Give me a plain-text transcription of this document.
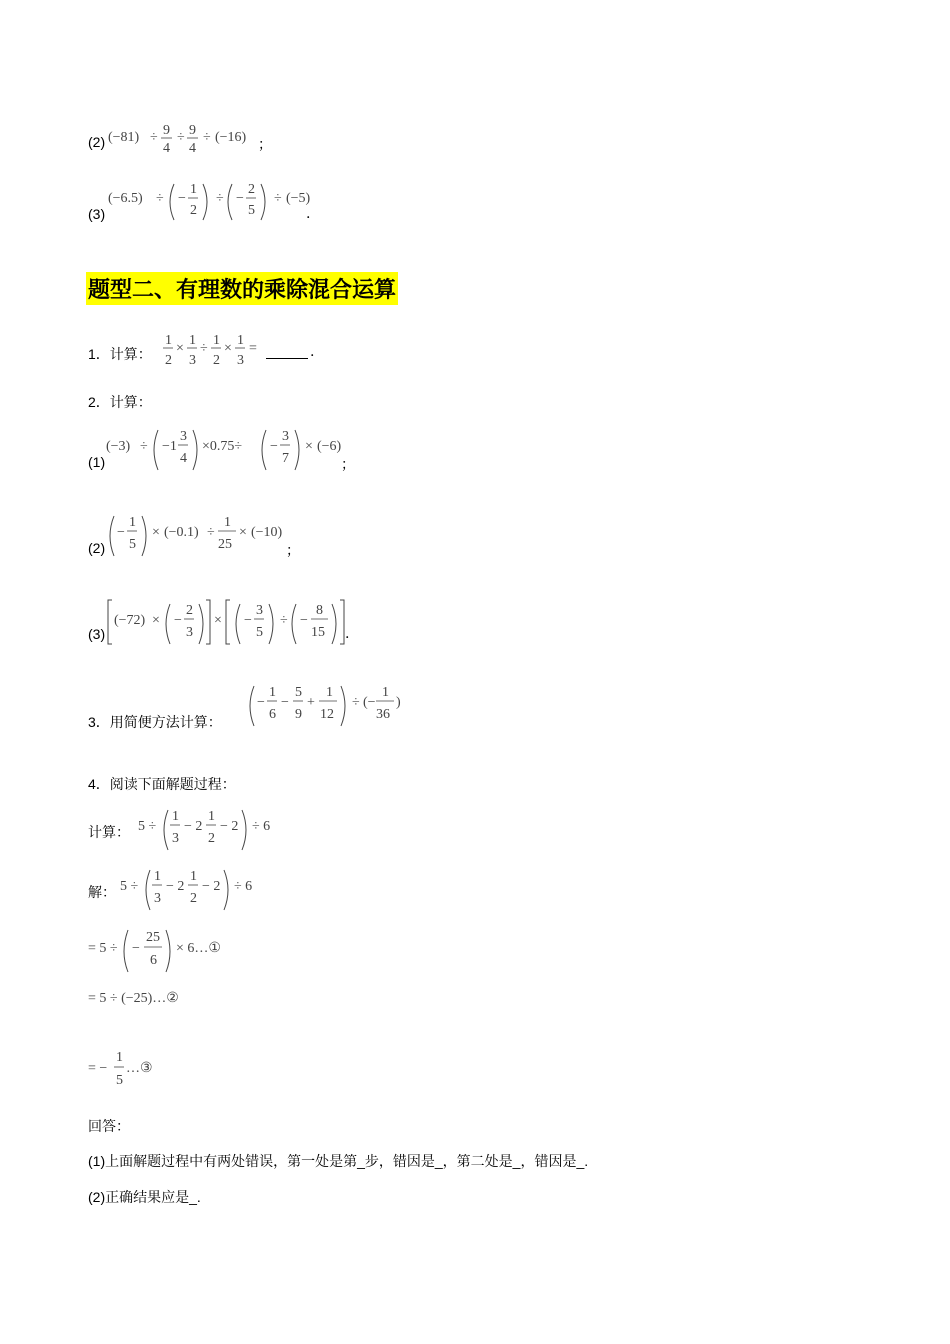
(2) (−81) ÷ 9
4
÷ 9
4
÷ (−16) ；
(3)
(−6.5) ÷ −
1
2
÷ −
2
5
÷ (−5)
.
题型二、有理数的乘除混合运算
1．计算：
1
2
×
1
3
÷
1
2
×
1
3
=	.
2．计算：
(1)
(−3) ÷ −1
3
4
×0.75÷ −
3
7
× (−6)
；
(2)
−
1
5
× (−0.1) ÷
1
25
× (−10)
；
(3)
(−72) × −
2
3
× −
3
5
÷ −
8
15 .
3．用简便方法计算：
−
1
6
−
5
9
+
1
12
÷ (−
1
36
)
4．阅读下面解题过程：
计算： 5 ÷
1
3
− 2
1
2
− 2 ÷ 6
解： 5 ÷
1
3
− 2
1
2
− 2 ÷ 6
= 5 ÷ −
25
6
× 6…①
= 5 ÷ (−25)…②
= −
1
5
…③
回答：
(1)上面解题过程中有两处错误，第一处是第_步，错因是_，第二处是_，错因是_.
(2)正确结果应是_.
